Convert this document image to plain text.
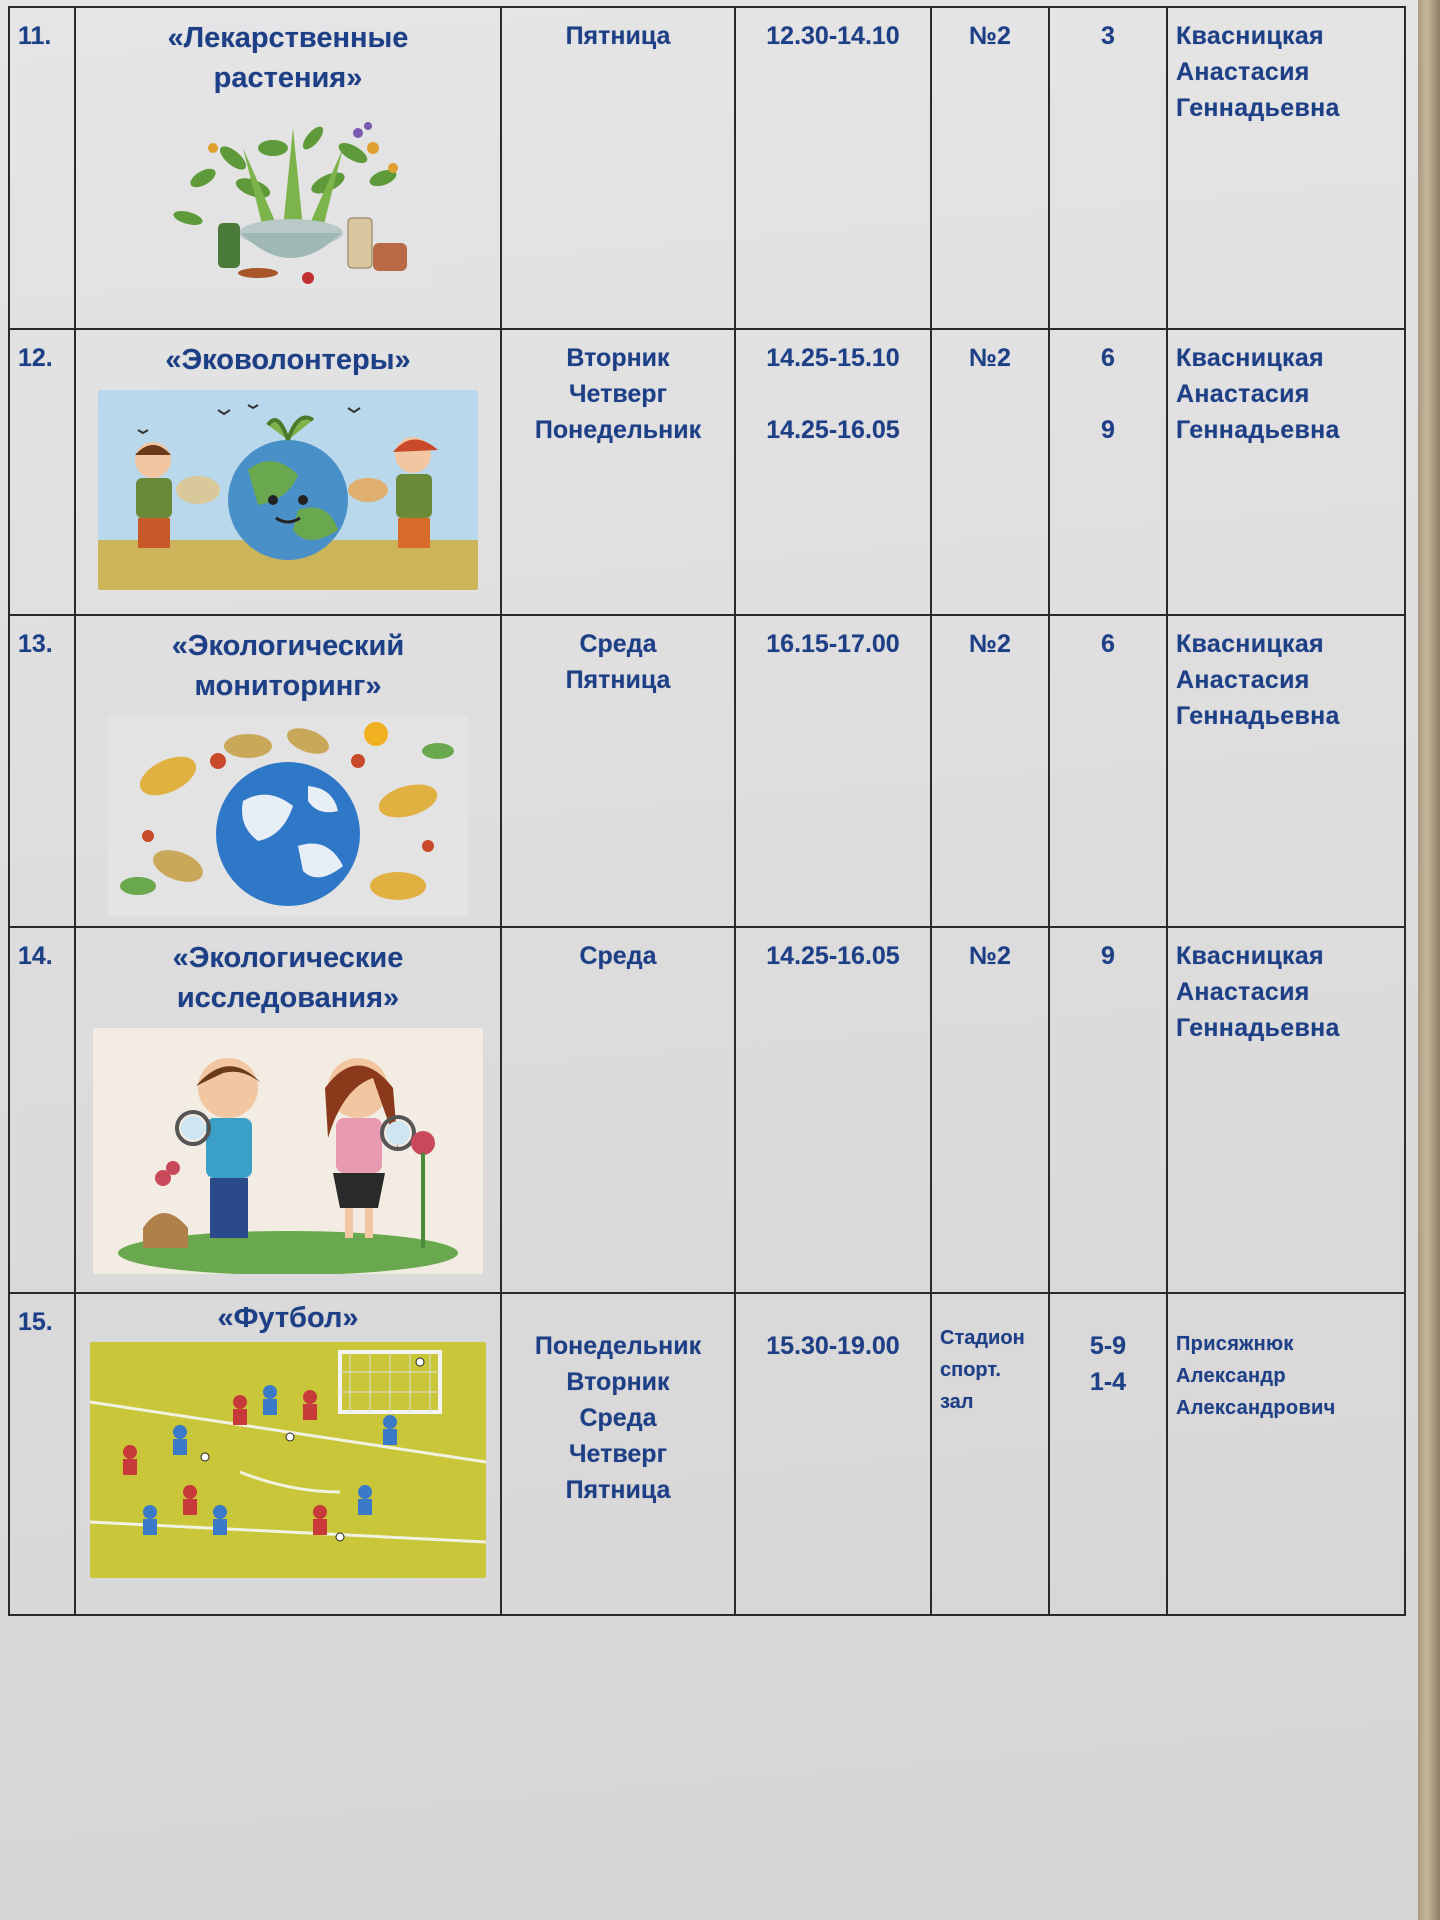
11.	«Лекарственные
растения»	Пятница	12.30-14.10	№2	3	Квасницкая
Анастасия
Геннадьевна

12.	«Эковолонтеры»	Вторник
Четверг
Понедельник	14.25-15.10
14.25-16.05	№2	6
9	Квасницкая
Анастасия
Геннадьевна

13.	«Экологический
мониторинг»	Среда
Пятница	16.15-17.00	№2	6	Квасницкая
Анастасия
Геннадьевна

14.	«Экологические
исследования»	Среда	14.25-16.05	№2	9	Квасницкая
Анастасия
Геннадьевна

15.	«Футбол»	Понедельник
Вторник
Среда
Четверг
Пятница	15.30-19.00	Стадион
спорт.
зал	5-9
1-4	Присяжнюк
Александр
Александрович
